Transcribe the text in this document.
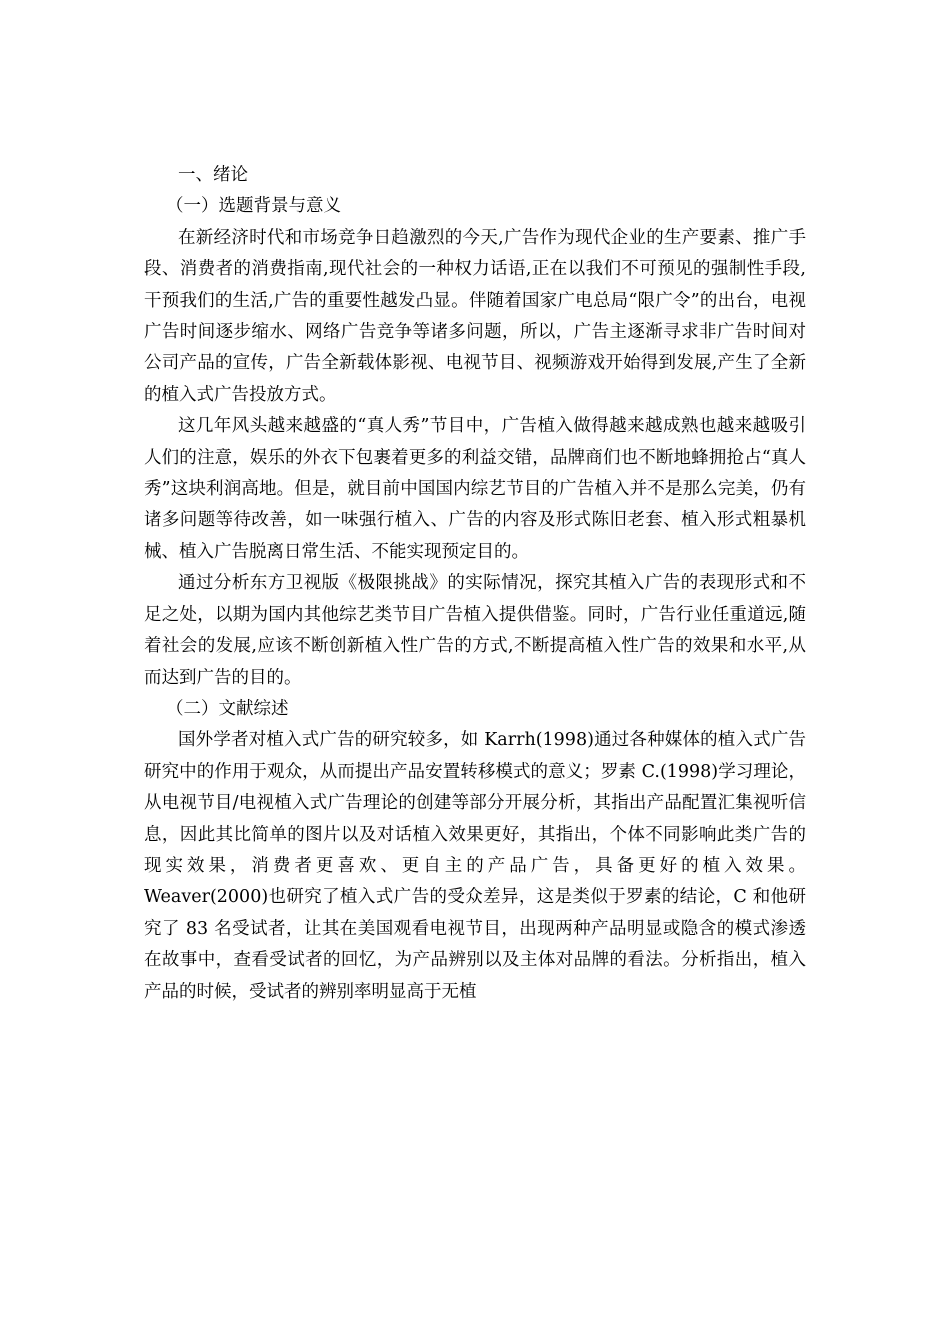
一、绪论

（一）选题背景与意义

在新经济时代和市场竞争日趋激烈的今天,广告作为现代企业的生产要素、推广手段、消费者的消费指南,现代社会的一种权力话语,正在以我们不可预见的强制性手段,干预我们的生活,广告的重要性越发凸显。伴随着国家广电总局“限广令”的出台，电视广告时间逐步缩水、网络广告竞争等诸多问题，所以，广告主逐渐寻求非广告时间对公司产品的宣传，广告全新载体影视、电视节目、视频游戏开始得到发展,产生了全新的植入式广告投放方式。

这几年风头越来越盛的“真人秀”节目中，广告植入做得越来越成熟也越来越吸引人们的注意，娱乐的外衣下包裹着更多的利益交错，品牌商们也不断地蜂拥抢占“真人秀”这块利润高地。但是，就目前中国国内综艺节目的广告植入并不是那么完美，仍有诸多问题等待改善，如一味强行植入、广告的内容及形式陈旧老套、植入形式粗暴机械、植入广告脱离日常生活、不能实现预定目的。

通过分析东方卫视版《极限挑战》的实际情况，探究其植入广告的表现形式和不足之处，以期为国内其他综艺类节目广告植入提供借鉴。同时，广告行业任重道远,随着社会的发展,应该不断创新植入性广告的方式,不断提高植入性广告的效果和水平,从而达到广告的目的。

（二）文献综述

国外学者对植入式广告的研究较多，如 Karrh(1998)通过各种媒体的植入式广告研究中的作用于观众，从而提出产品安置转移模式的意义；罗素 C.(1998)学习理论，从电视节目/电视植入式广告理论的创建等部分开展分析，其指出产品配置汇集视听信息，因此其比简单的图片以及对话植入效果更好，其指出，个体不同影响此类广告的现实效果，消费者更喜欢、更自主的产品广告，具备更好的植入效果。Weaver(2000)也研究了植入式广告的受众差异，这是类似于罗素的结论，C 和他研究了 83 名受试者，让其在美国观看电视节目，出现两种产品明显或隐含的模式渗透在故事中，查看受试者的回忆，为产品辨别以及主体对品牌的看法。分析指出，植入产品的时候，受试者的辨别率明显高于无植
